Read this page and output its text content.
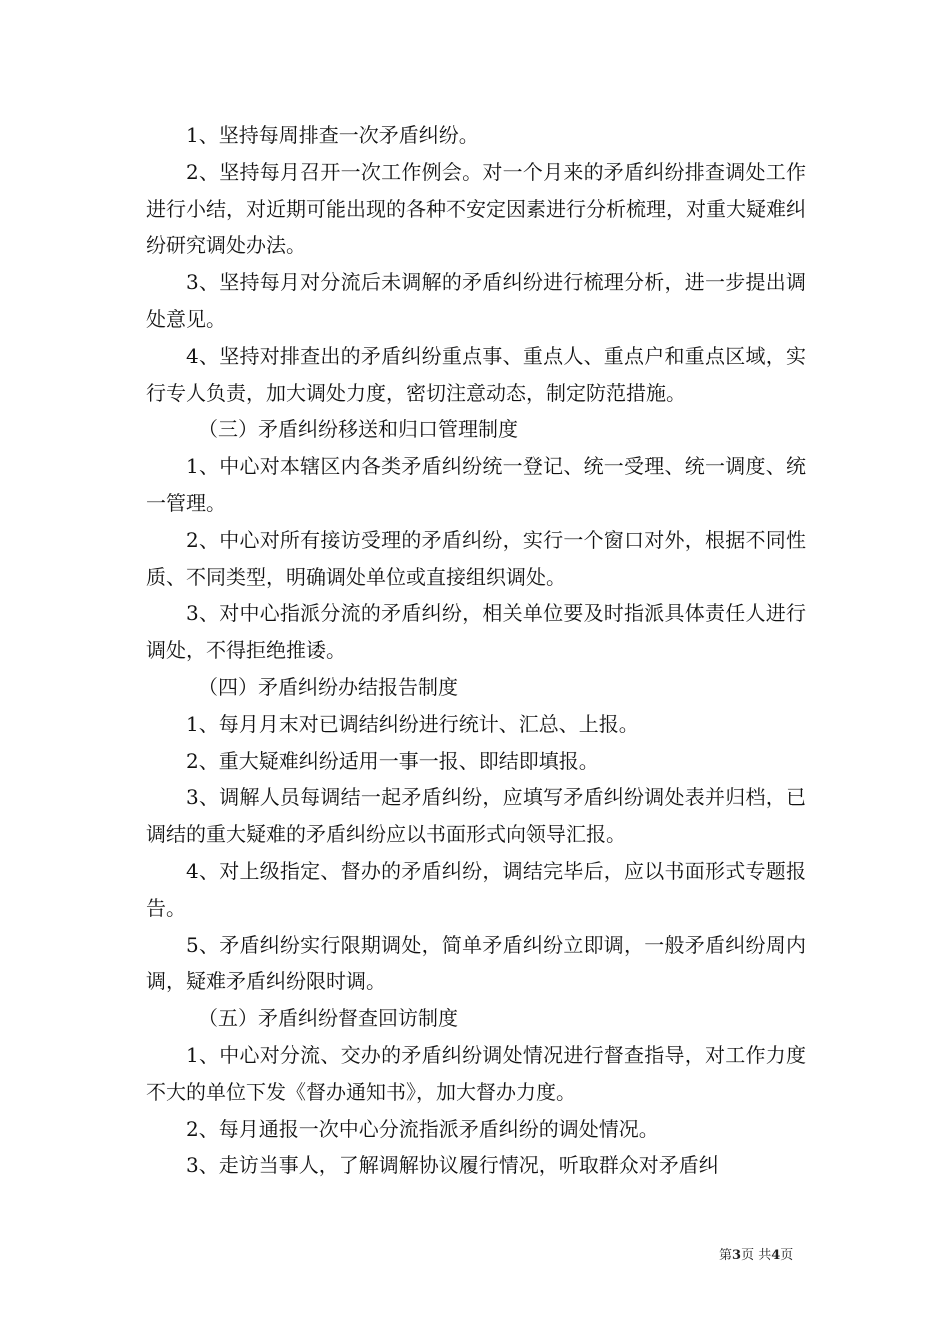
1、坚持每周排查一次矛盾纠纷。

2、坚持每月召开一次工作例会。对一个月来的矛盾纠纷排查调处工作进行小结，对近期可能出现的各种不安定因素进行分析梳理，对重大疑难纠纷研究调处办法。

3、坚持每月对分流后未调解的矛盾纠纷进行梳理分析，进一步提出调处意见。

4、坚持对排查出的矛盾纠纷重点事、重点人、重点户和重点区域，实行专人负责，加大调处力度，密切注意动态，制定防范措施。

（三）矛盾纠纷移送和归口管理制度

1、中心对本辖区内各类矛盾纠纷统一登记、统一受理、统一调度、统一管理。

2、中心对所有接访受理的矛盾纠纷，实行一个窗口对外，根据不同性质、不同类型，明确调处单位或直接组织调处。

3、对中心指派分流的矛盾纠纷，相关单位要及时指派具体责任人进行调处，不得拒绝推诿。

（四）矛盾纠纷办结报告制度

1、每月月末对已调结纠纷进行统计、汇总、上报。

2、重大疑难纠纷适用一事一报、即结即填报。

3、调解人员每调结一起矛盾纠纷，应填写矛盾纠纷调处表并归档，已调结的重大疑难的矛盾纠纷应以书面形式向领导汇报。

4、对上级指定、督办的矛盾纠纷，调结完毕后，应以书面形式专题报告。

5、矛盾纠纷实行限期调处，简单矛盾纠纷立即调，一般矛盾纠纷周内调，疑难矛盾纠纷限时调。

（五）矛盾纠纷督查回访制度

1、中心对分流、交办的矛盾纠纷调处情况进行督查指导，对工作力度不大的单位下发《督办通知书》，加大督办力度。

2、每月通报一次中心分流指派矛盾纠纷的调处情况。

3、走访当事人，了解调解协议履行情况，听取群众对矛盾纠

第3页 共4页
